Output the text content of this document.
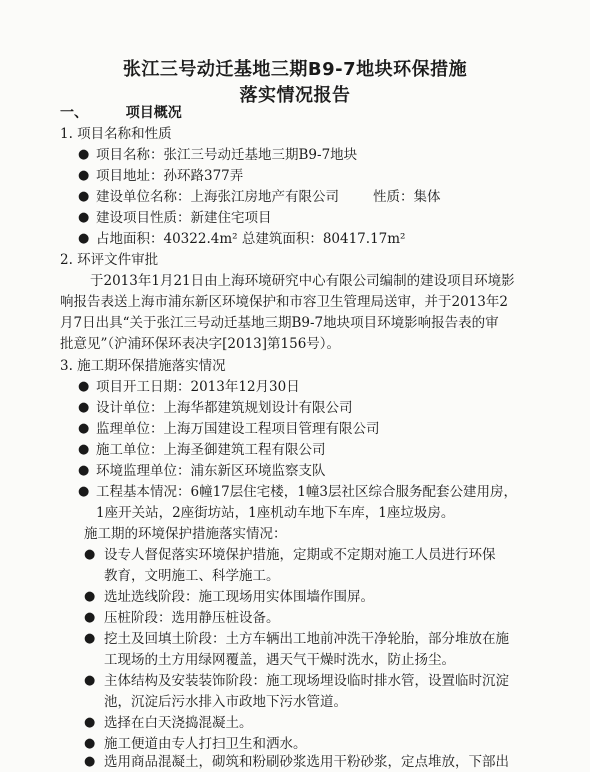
张江三号动迁基地三期B9-7地块环保措施
落实情况报告
一、	项目概况
1. 项目名称和性质
● 项目名称：张江三号动迁基地三期B9-7地块
● 项目地址：孙环路377弄
● 建设单位名称：上海张江房地产有限公司	性质：集体
● 建设项目性质：新建住宅项目
● 占地面积：40322.4m² 总建筑面积：80417.17m²
2. 环评文件审批
于2013年1月21日由上海环境研究中心有限公司编制的建设项目环境影
响报告表送上海市浦东新区环境保护和市容卫生管理局送审，并于2013年2
月7日出具“关于张江三号动迁基地三期B9-7地块项目环境影响报告表的审
批意见”（沪浦环保环表决字[2013]第156号）。
3. 施工期环保措施落实情况
● 项目开工日期：2013年12月30日
● 设计单位：上海华都建筑规划设计有限公司
● 监理单位：上海万国建设工程项目管理有限公司
● 施工单位：上海圣御建筑工程有限公司
● 环境监理单位：浦东新区环境监察支队
● 工程基本情况：6幢17层住宅楼，1幢3层社区综合服务配套公建用房，
1座开关站，2座街坊站，1座机动车地下车库，1座垃圾房。
施工期的环境保护措施落实情况：
● 设专人督促落实环境保护措施，定期或不定期对施工人员进行环保
教育，文明施工、科学施工。
● 选址选线阶段：施工现场用实体围墙作围屏。
● 压桩阶段：选用静压桩设备。
● 挖土及回填土阶段：土方车辆出工地前冲洗干净轮胎，部分堆放在施
工现场的土方用绿网覆盖，遇天气干燥时洗水，防止扬尘。
● 主体结构及安装装饰阶段：施工现场埋设临时排水管，设置临时沉淀
池，沉淀后污水排入市政地下污水管道。
● 选择在白天浇捣混凝土。
● 施工便道由专人打扫卫生和洒水。
● 选用商品混凝土，砌筑和粉刷砂浆选用干粉砂浆，定点堆放，下部出
